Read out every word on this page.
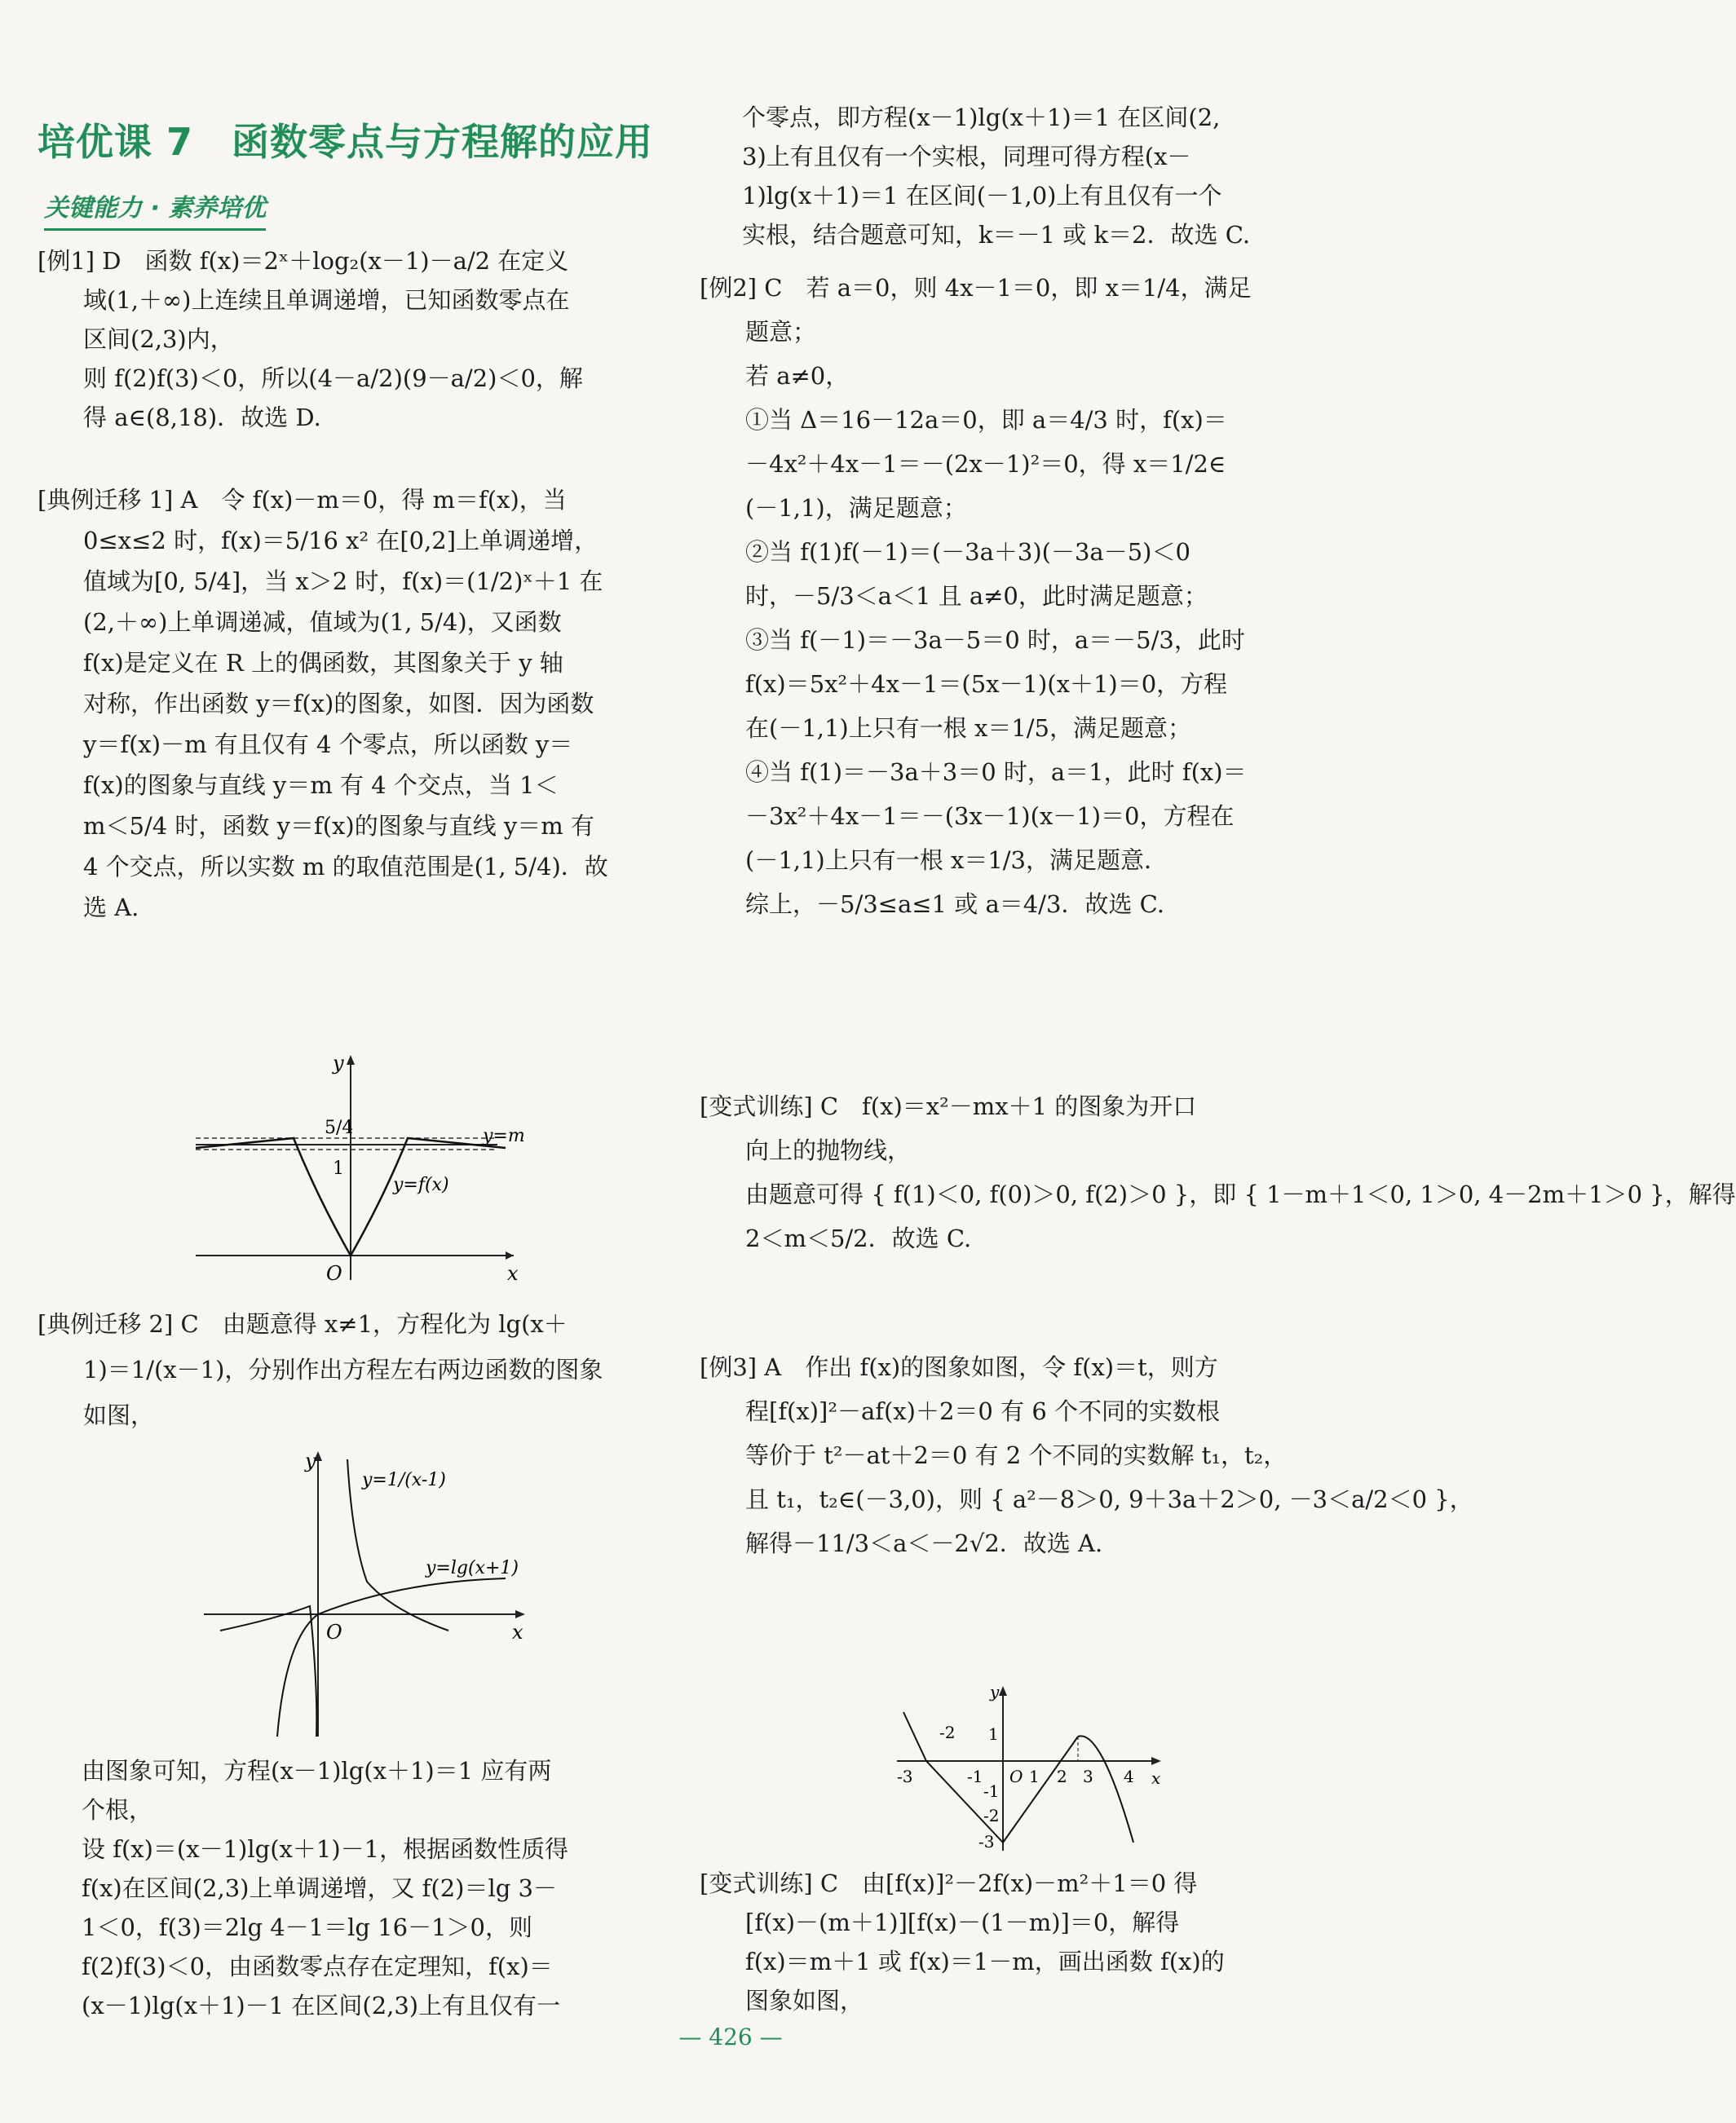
培优课 7　函数零点与方程解的应用
关键能力 · 素养培优
[例1] D　函数 f(x)＝2ˣ＋log₂(x－1)－a/2 在定义
域(1,＋∞)上连续且单调递增，已知函数零点在
区间(2,3)内，
则 f(2)f(3)＜0，所以(4－a/2)(9－a/2)＜0，解
得 a∈(8,18)．故选 D.
[典例迁移 1] A　令 f(x)－m＝0，得 m＝f(x)，当
0≤x≤2 时，f(x)＝5/16 x² 在[0,2]上单调递增，
值域为[0, 5/4]，当 x＞2 时，f(x)＝(1/2)ˣ＋1 在
(2,＋∞)上单调递减，值域为(1, 5/4)，又函数
f(x)是定义在 R 上的偶函数，其图象关于 y 轴
对称，作出函数 y＝f(x)的图象，如图．因为函数
y＝f(x)－m 有且仅有 4 个零点，所以函数 y＝
f(x)的图象与直线 y＝m 有 4 个交点，当 1＜
m＜5/4 时，函数 y＝f(x)的图象与直线 y＝m 有
4 个交点，所以实数 m 的取值范围是(1, 5/4)．故
选 A.
y
x
O
5/4
1
y=m
y=f(x)
[典例迁移 2] C　由题意得 x≠1，方程化为 lg(x＋
1)＝1/(x－1)，分别作出方程左右两边函数的图象
如图，
y
x
O
y=1/(x-1)
y=lg(x+1)
由图象可知，方程(x－1)lg(x＋1)＝1 应有两
个根，
设 f(x)＝(x－1)lg(x＋1)－1，根据函数性质得
f(x)在区间(2,3)上单调递增，又 f(2)＝lg 3－
1＜0，f(3)＝2lg 4－1＝lg 16－1＞0，则
f(2)f(3)＜0，由函数零点存在定理知，f(x)＝
(x－1)lg(x＋1)－1 在区间(2,3)上有且仅有一
个零点，即方程(x－1)lg(x＋1)＝1 在区间(2,
3)上有且仅有一个实根，同理可得方程(x－
1)lg(x＋1)＝1 在区间(－1,0)上有且仅有一个
实根，结合题意可知，k＝－1 或 k＝2．故选 C.
[例2] C　若 a＝0，则 4x－1＝0，即 x＝1/4，满足
题意；
若 a≠0，
①当 Δ＝16－12a＝0，即 a＝4/3 时，f(x)＝
－4x²＋4x－1＝－(2x－1)²＝0，得 x＝1/2∈
(－1,1)，满足题意；
②当 f(1)f(－1)＝(－3a＋3)(－3a－5)＜0
时，－5/3＜a＜1 且 a≠0，此时满足题意；
③当 f(－1)＝－3a－5＝0 时，a＝－5/3，此时
f(x)＝5x²＋4x－1＝(5x－1)(x＋1)＝0，方程
在(－1,1)上只有一根 x＝1/5，满足题意；
④当 f(1)＝－3a＋3＝0 时，a＝1，此时 f(x)＝
－3x²＋4x－1＝－(3x－1)(x－1)＝0，方程在
(－1,1)上只有一根 x＝1/3，满足题意．
综上，－5/3≤a≤1 或 a＝4/3．故选 C.
[变式训练] C　f(x)＝x²－mx＋1 的图象为开口
向上的抛物线，
由题意可得 { f(1)＜0, f(0)＞0, f(2)＞0 }，即 { 1－m＋1＜0, 1＞0, 4－2m＋1＞0 }，解得
2＜m＜5/2．故选 C.
[例3] A　作出 f(x)的图象如图，令 f(x)＝t，则方
程[f(x)]²－af(x)＋2＝0 有 6 个不同的实数根
等价于 t²－at＋2＝0 有 2 个不同的实数解 t₁，t₂，
且 t₁，t₂∈(－3,0)，则 { a²－8＞0, 9＋3a＋2＞0, －3＜a/2＜0 }，
解得－11/3＜a＜－2√2．故选 A.
y
x
O
-2
-3	-1	1 2 3 4
1
-1
-2
-3
[变式训练] C　由[f(x)]²－2f(x)－m²＋1＝0 得
[f(x)－(m＋1)][f(x)－(1－m)]＝0，解得
f(x)＝m＋1 或 f(x)＝1－m，画出函数 f(x)的
图象如图，
— 426 —
